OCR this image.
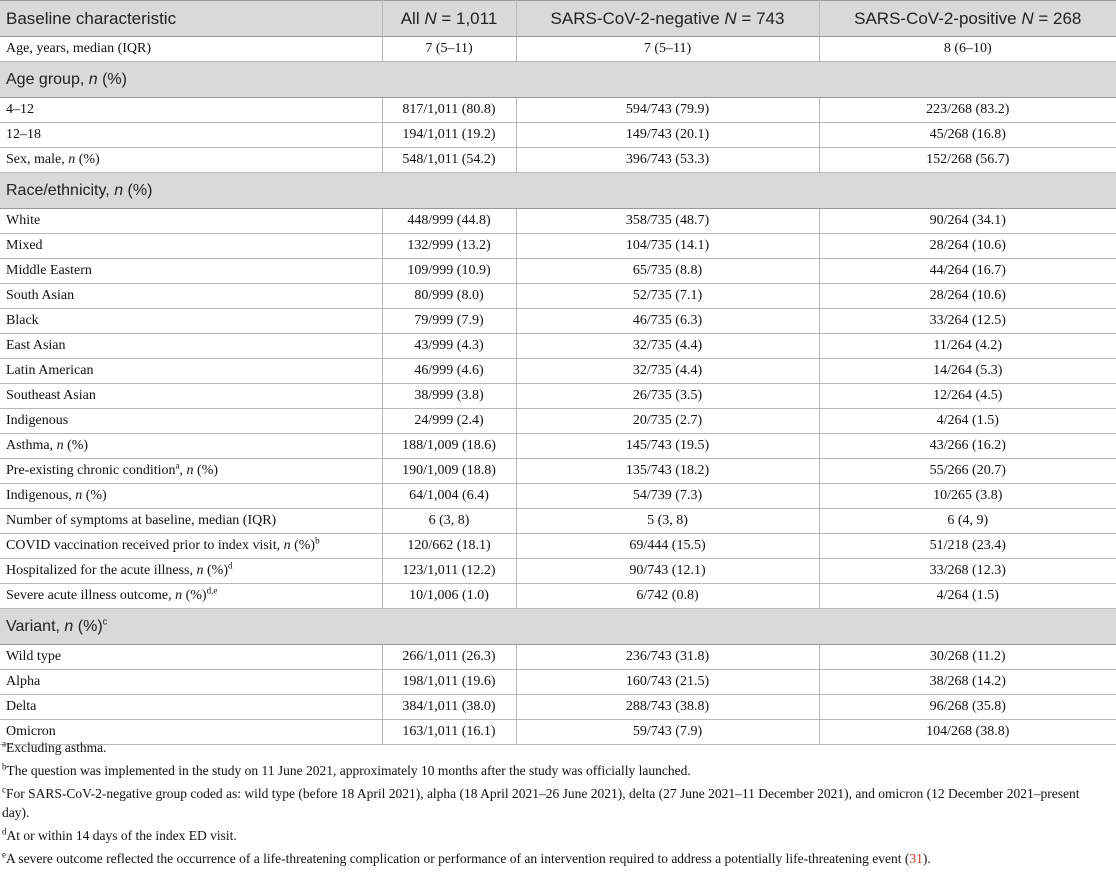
Baseline characteristic	All N = 1,011	SARS-CoV-2-negative N = 743	SARS-CoV-2-positive N = 268
Age, years, median (IQR)	7 (5–11)	7 (5–11)	8 (6–10)
Age group, n (%)			
4–12	817/1,011 (80.8)	594/743 (79.9)	223/268 (83.2)
12–18	194/1,011 (19.2)	149/743 (20.1)	45/268 (16.8)
Sex, male, n (%)	548/1,011 (54.2)	396/743 (53.3)	152/268 (56.7)
Race/ethnicity, n (%)			
White	448/999 (44.8)	358/735 (48.7)	90/264 (34.1)
Mixed	132/999 (13.2)	104/735 (14.1)	28/264 (10.6)
Middle Eastern	109/999 (10.9)	65/735 (8.8)	44/264 (16.7)
South Asian	80/999 (8.0)	52/735 (7.1)	28/264 (10.6)
Black	79/999 (7.9)	46/735 (6.3)	33/264 (12.5)
East Asian	43/999 (4.3)	32/735 (4.4)	11/264 (4.2)
Latin American	46/999 (4.6)	32/735 (4.4)	14/264 (5.3)
Southeast Asian	38/999 (3.8)	26/735 (3.5)	12/264 (4.5)
Indigenous	24/999 (2.4)	20/735 (2.7)	4/264 (1.5)
Asthma, n (%)	188/1,009 (18.6)	145/743 (19.5)	43/266 (16.2)
Pre-existing chronic condition$^a$, n (%)	190/1,009 (18.8)	135/743 (18.2)	55/266 (20.7)
Indigenous, n (%)	64/1,004 (6.4)	54/739 (7.3)	10/265 (3.8)
Number of symptoms at baseline, median (IQR)	6 (3, 8)	5 (3, 8)	6 (4, 9)
COVID vaccination received prior to index visit, n (%)$^b$	120/662 (18.1)	69/444 (15.5)	51/218 (23.4)
Hospitalized for the acute illness, n (%)$^d$	123/1,011 (12.2)	90/743 (12.1)	33/268 (12.3)
Severe acute illness outcome, n (%)$^{d,e}$	10/1,006 (1.0)	6/742 (0.8)	4/264 (1.5)
Variant, n (%)$^c$
Wild type	266/1,011 (26.3)	236/743 (31.8)	30/268 (11.2)
Alpha	198/1,011 (19.6)	160/743 (21.5)	38/268 (14.2)
Delta	384/1,011 (38.0)	288/743 (38.8)	96/268 (35.8)
Omicron	163/1,011 (16.1)	59/743 (7.9)	104/268 (38.8)
$^a$Excluding asthma.
$^b$The question was implemented in the study on 11 June 2021, approximately 10 months after the study was officially launched.
$^c$For SARS-CoV-2-negative group coded as: wild type (before 18 April 2021), alpha (18 April 2021–26 June 2021), delta (27 June 2021–11 December 2021), and omicron (12 December 2021–present day).
$^d$At or within 14 days of the index ED visit.
$^e$A severe outcome reflected the occurrence of a life-threatening complication or performance of an intervention required to address a potentially life-threatening event (31).
